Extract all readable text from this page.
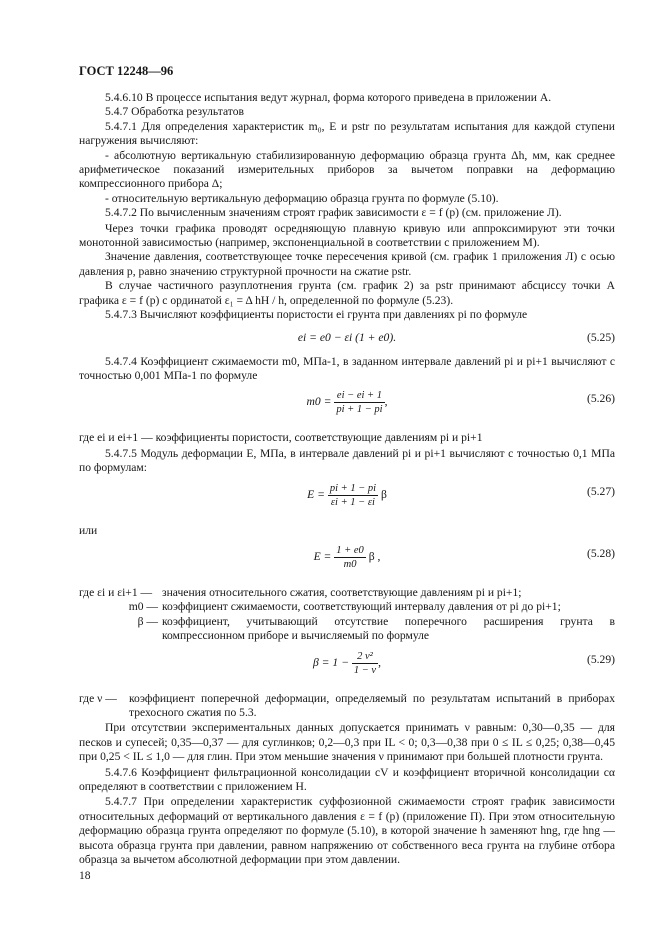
ГОСТ 12248—96

5.4.6.10 В процессе испытания ведут журнал, форма которого приведена в приложении А.

5.4.7 Обработка результатов

5.4.7.1 Для определения характеристик m₀, E и pstr по результатам испытания для каждой ступени нагружения вычисляют:

- абсолютную вертикальную стабилизированную деформацию образца грунта Δh, мм, как среднее арифметическое показаний измерительных приборов за вычетом поправки на деформацию компрессионного прибора Δ;

- относительную вертикальную деформацию образца грунта по формуле (5.10).

5.4.7.2 По вычисленным значениям строят график зависимости ε = f (p) (см. приложение Л).

Через точки графика проводят осредняющую плавную кривую или аппроксимируют эти точки монотонной зависимостью (например, экспоненциальной в соответствии с приложением М).

Значение давления, соответствующее точке пересечения кривой (см. график 1 приложения Л) с осью давления p, равно значению структурной прочности на сжатие pstr.

В случае частичного разуплотнения грунта (см. график 2) за pstr принимают абсциссу точки A графика ε = f (p) с ординатой ε₁ = Δ hH / h, определенной по формуле (5.23).

5.4.7.3 Вычисляют коэффициенты пористости ei грунта при давлениях pi по формуле

ei = e0 − εi (1 + e0).	(5.25)

5.4.7.4 Коэффициент сжимаемости m0, МПа-1, в заданном интервале давлений pi и pi+1 вычисляют с точностью 0,001 МПа-1 по формуле

$m0 = \frac{ei - ei + 1}{pi + 1 - pi}$ ,	(5.26)

где ei и ei+1 — коэффициенты пористости, соответствующие давлениям pi и pi+1

5.4.7.5 Модуль деформации E, МПа, в интервале давлений pi и pi+1 вычисляют с точностью 0,1 МПа по формулам:

$E = \frac{pi + 1 - pi}{\varepsilon i + 1 - \varepsilon i}$ β	(5.27)

или

$E = \frac{1 + e0}{m0}$ β ,	(5.28)
где εi и εi+1 — значения относительного сжатия, соответствующие давлениям pi и pi+1;
m0 — коэффициент сжимаемости, соответствующий интервалу давления от pi до pi+1;
β — коэффициент, учитывающий отсутствие поперечного расширения грунта в компрессионном приборе и вычисляемый по формуле
$\beta = 1 - \frac{\text{2 ν²}}{1 - \nu}$ ,	(5.29)
где ν —	коэффициент поперечной деформации, определяемый по результатам испытаний в приборах трехосного сжатия по 5.3.

При отсутствии экспериментальных данных допускается принимать ν равным: 0,30—0,35 — для песков и супесей; 0,35—0,37 — для суглинков; 0,2—0,3 при IL < 0; 0,3—0,38 при 0 ≤ IL ≤ 0,25; 0,38—0,45 при 0,25 < IL ≤ 1,0 — для глин. При этом меньшие значения ν принимают при большей плотности грунта.

5.4.7.6 Коэффициент фильтрационной консолидации cV и коэффициент вторичной консолидации cα определяют в соответствии с приложением Н.

5.4.7.7 При определении характеристик суффозионной сжимаемости строят график зависимости относительных деформаций от вертикального давления ε = f (p) (приложение П). При этом относительную деформацию образца грунта определяют по формуле (5.10), в которой значение h заменяют hng, где hng — высота образца грунта при давлении, равном напряжению от собственного веса грунта на глубине отбора образца за вычетом абсолютной деформации при этом давлении.

18
